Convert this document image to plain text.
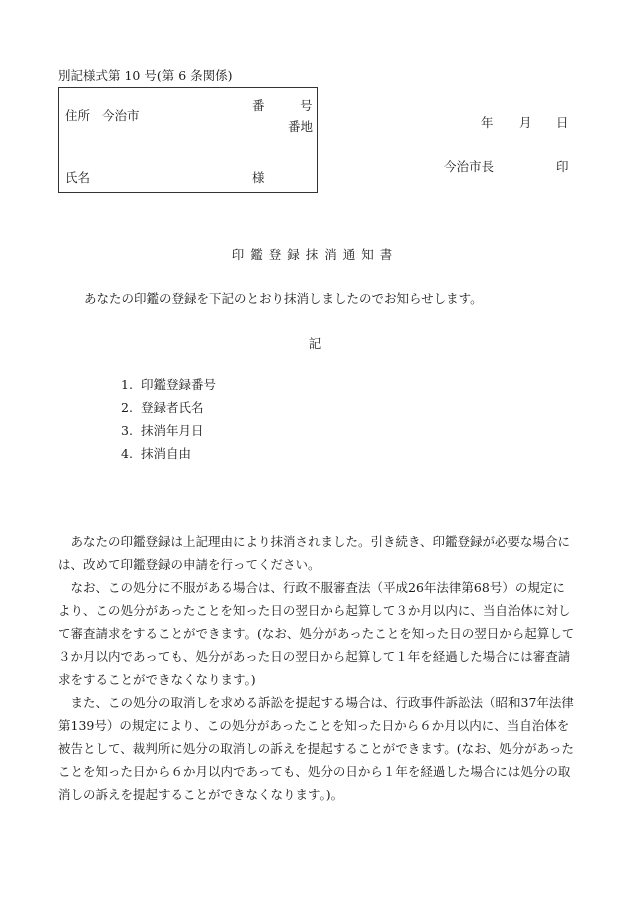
別記様式第 10 号(第 6 条関係)
住所 今治市
番	号
番地
氏名	様
年 月 日
今治市長	印
印鑑登録抹消通知書
あなたの印鑑の登録を下記のとおり抹消しましたのでお知らせします。
記
1. 印鑑登録番号
2. 登録者氏名
3. 抹消年月日
4. 抹消自由

あなたの印鑑登録は上記理由により抹消されました。引き続き、印鑑登録が必要な場合には、改めて印鑑登録の申請を行ってください。

なお、この処分に不服がある場合は、行政不服審査法（平成26年法律第68号）の規定により、この処分があったことを知った日の翌日から起算して３か月以内に、当自治体に対して審査請求をすることができます。(なお、処分があったことを知った日の翌日から起算して３か月以内であっても、処分があった日の翌日から起算して１年を経過した場合には審査請求をすることができなくなります。)

また、この処分の取消しを求める訴訟を提起する場合は、行政事件訴訟法（昭和37年法律第139号）の規定により、この処分があったことを知った日から６か月以内に、当自治体を被告として、裁判所に処分の取消しの訴えを提起することができます。(なお、処分があったことを知った日から６か月以内であっても、処分の日から１年を経過した場合には処分の取消しの訴えを提起することができなくなります。)。
